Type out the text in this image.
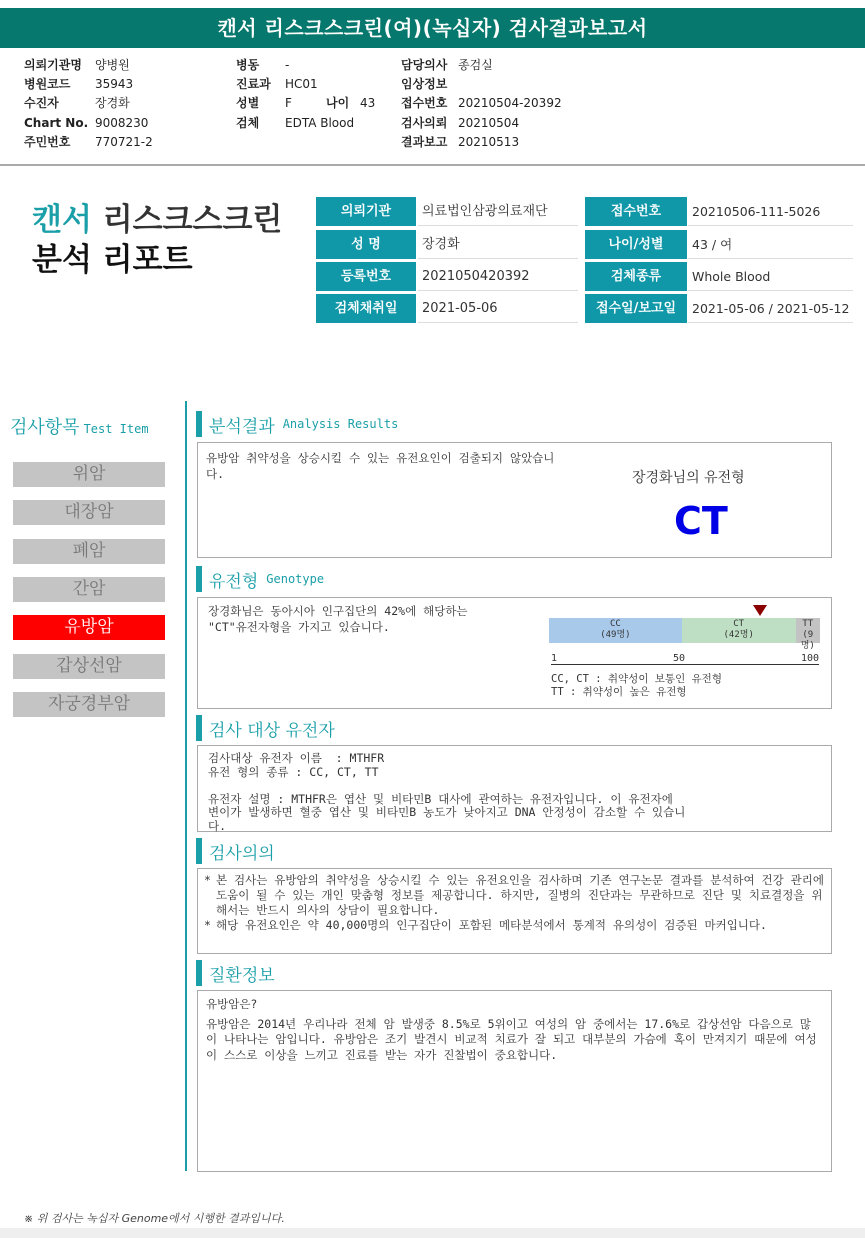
캔서 리스크스크린(여)(녹십자) 검사결과보고서
의뢰기관명	양병원
병원코드	35943
수진자	장경화
Chart No. 9008230
주민번호	770721-2
병동	-
진료과	HC01
성별	F
검체	EDTA Blood
나이 43
담당의사 종검실
임상정보
접수번호 20210504-20392
검사의뢰 20210504
결과보고 20210513
캔서 리스크스크린
분석 리포트
의뢰기관	의료법인삼광의료재단
성 명	장경화
등록번호	2021050420392
검체채취일	2021-05-06
접수번호	20210506-111-5026
나이/성별	43 / 여
검체종류	Whole Blood
접수일/보고일	2021-05-06 / 2021-05-12
검사항목 Test Item
위암
대장암
폐암
간암
유방암
갑상선암
자궁경부암
분석결과 Analysis Results
유방암 취약성을 상승시킬 수 있는 유전요인이 검출되지 않았습니다.	장경화님의 유전형
CT
유전형 Genotype
장경화님은 동아시아 인구집단의 42%에 해당하는
"CT"유전자형을 가지고 있습니다.	CC
(49명)
CT
(42명)
TT
(9명)
1	50	100
CC, CT : 취약성이 보통인 유전형
TT : 취약성이 높은 유전형
검사 대상 유전자
검사대상 유전자 이름  : MTHFR
유전 형의 종류 : CC, CT, TT
유전자 설명 : MTHFR은 엽산 및 비타민B 대사에 관여하는 유전자입니다. 이 유전자에
변이가 발생하면 혈중 엽산 및 비타민B 농도가 낮아지고 DNA 안정성이 감소할 수 있습니
다.
검사의의
* 본 검사는 유방암의 취약성을 상승시킬 수 있는 유전요인을 검사하며 기존 연구논문 결과를 분석하여 건강 관리에 도움이 될 수 있는 개인 맞춤형 정보를 제공합니다. 하지만, 질병의 진단과는 무관하므로 진단 및 치료결정을 위해서는 반드시 의사의 상담이 필요합니다.
* 해당 유전요인은 약 40,000명의 인구집단이 포함된 메타분석에서 통계적 유의성이 검증된 마커입니다.
질환정보
유방암은?
유방암은 2014년 우리나라 전체 암 발생중 8.5%로 5위이고 여성의 암 중에서는 17.6%로 갑상선암 다음으로 많이 나타나는 암입니다. 유방암은 조기 발견시 비교적 치료가 잘 되고 대부분의 가슴에 혹이 만져지기 때문에 여성이 스스로 이상을 느끼고 진료를 받는 자가 진찰법이 중요합니다.
※ 위 검사는 녹십자 Genome에서 시행한 결과입니다.
